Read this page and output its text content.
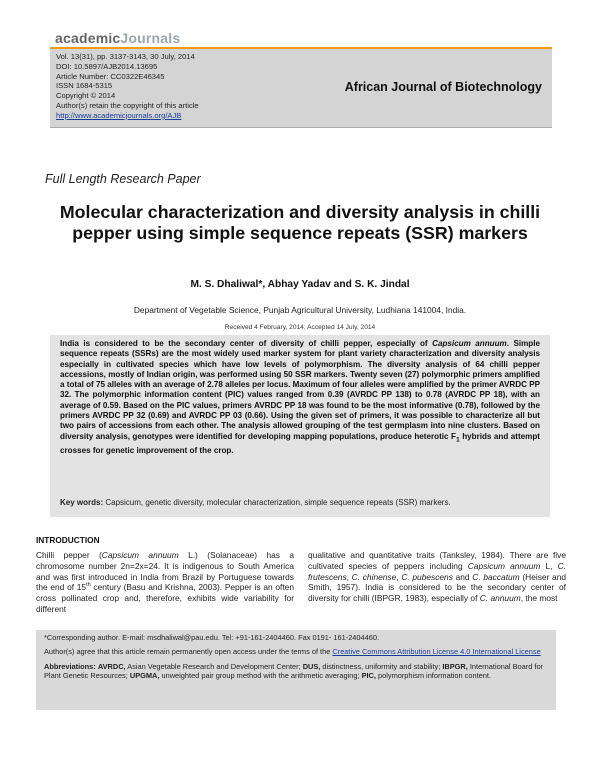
academicJournals
Vol. 13(31), pp. 3137-3143, 30 July, 2014
DOI: 10.5897/AJB2014.13695
Article Number: CC0322E46345
ISSN 1684-5315
Copyright © 2014
Author(s) retain the copyright of this article
http://www.academicjournals.org/AJB
African Journal of Biotechnology
Full Length Research Paper
Molecular characterization and diversity analysis in chilli pepper using simple sequence repeats (SSR) markers
M. S. Dhaliwal*, Abhay Yadav and S. K. Jindal
Department of Vegetable Science, Punjab Agricultural University, Ludhiana 141004, India.
Received 4 February, 2014; Accepted 14 July, 2014
India is considered to be the secondary center of diversity of chilli pepper, especially of Capsicum annuum. Simple sequence repeats (SSRs) are the most widely used marker system for plant variety characterization and diversity analysis especially in cultivated species which have low levels of polymorphism. The diversity analysis of 64 chilli pepper accessions, mostly of Indian origin, was performed using 50 SSR markers. Twenty seven (27) polymorphic primers amplified a total of 75 alleles with an average of 2.78 alleles per locus. Maximum of four alleles were amplified by the primer AVRDC PP 32. The polymorphic information content (PIC) values ranged from 0.39 (AVRDC PP 138) to 0.78 (AVRDC PP 18), with an average of 0.59. Based on the PIC values, primers AVRDC PP 18 was found to be the most informative (0.78), followed by the primers AVRDC PP 32 (0.69) and AVRDC PP 03 (0.66). Using the given set of primers, it was possible to characterize all but two pairs of accessions from each other. The analysis allowed grouping of the test germplasm into nine clusters. Based on diversity analysis, genotypes were identified for developing mapping populations, produce heterotic $F_1$ hybrids and attempt crosses for genetic improvement of the crop.
Key words: Capsicum, genetic diversity, molecular characterization, simple sequence repeats (SSR) markers.
INTRODUCTION
Chilli pepper (Capsicum annuum L.) (Solanaceae) has a chromosome number 2n=2x=24. It is indigenous to South America and was first introduced in India from Brazil by Portuguese towards the end of 15th century (Basu and Krishna, 2003). Pepper is an often cross pollinated crop and, therefore, exhibits wide variability for different
qualitative and quantitative traits (Tanksley, 1984). There are five cultivated species of peppers including Capsicum annuum L, C. frutescens, C. chinense, C. pubescens and C. baccatum (Heiser and Smith, 1957). India is considered to be the secondary center of diversity for chilli (IBPGR, 1983), especially of C. annuum, the most

*Corresponding author. E-mail: msdhaliwal@pau.edu. Tel: +91-161-2404460. Fax 0191- 161-2404460.

Author(s) agree that this article remain permanently open access under the terms of the Creative Commons Attribution License 4.0 International License

Abbreviations: AVRDC, Asian Vegetable Research and Development Center; DUS, distinctness, uniformity and stability; IBPGR, International Board for Plant Genetic Resources; UPGMA, unweighted pair group method with the arithmetic averaging; PIC, polymorphism information content.
